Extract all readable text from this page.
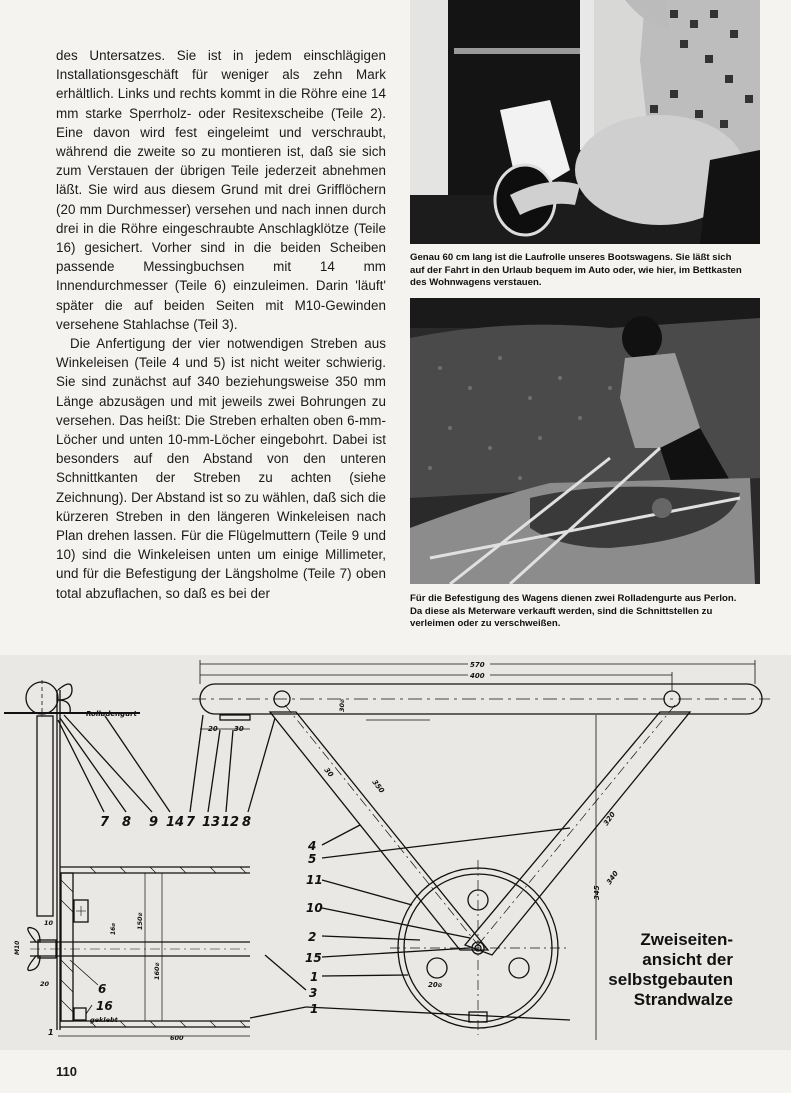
des Untersatzes. Sie ist in jedem einschlägigen Installationsgeschäft für weniger als zehn Mark erhältlich. Links und rechts kommt in die Röhre eine 14 mm starke Sperrholz- oder Resitexscheibe (Teile 2). Eine davon wird fest eingeleimt und verschraubt, während die zweite so zu montieren ist, daß sie sich zum Verstauen der übrigen Teile jederzeit abnehmen läßt. Sie wird aus diesem Grund mit drei Grifflöchern (20 mm Durchmesser) versehen und nach innen durch drei in die Röhre eingeschraubte Anschlagklötze (Teile 16) gesichert. Vorher sind in die beiden Scheiben passende Messingbuchsen mit 14 mm Innendurchmesser (Teile 6) einzuleimen. Darin 'läuft' später die auf beiden Seiten mit M10-Gewinden versehene Stahlachse (Teil 3).

Die Anfertigung der vier notwendigen Streben aus Winkeleisen (Teile 4 und 5) ist nicht weiter schwierig. Sie sind zunächst auf 340 beziehungsweise 350 mm Länge abzusägen und mit jeweils zwei Bohrungen zu versehen. Das heißt: Die Streben erhalten oben 6-mm-Löcher und unten 10-mm-Löcher eingebohrt. Dabei ist besonders auf den Abstand von den unteren Schnittkanten der Streben zu achten (siehe Zeichnung). Der Abstand ist so zu wählen, daß sich die kürzeren Streben in den längeren Winkeleisen nach Plan drehen lassen. Für die Flügelmuttern (Teile 9 und 10) sind die Winkeleisen unten um einige Millimeter, und für die Befestigung der Längsholme (Teile 7) oben total abzuflachen, so daß es bei der

Genau 60 cm lang ist die Laufrolle unseres Bootswagens. Sie läßt sich auf der Fahrt in den Urlaub bequem im Auto oder, wie hier, im Bettkasten des Wohnwagens verstauen.
Für die Befestigung des Wagens dienen zwei Rolladengurte aus Perlon. Da diese als Meterware verkauft werden, sind die Schnittstellen zu verleimen oder zu verschweißen.
Rolladengurt
570
400
20 30
30⌀
30
350
320
340
345
20⌀
150⌀
160⌀
16⌀
M10
10
20
600
geklebt
7 8 9 14 7 13 12 8
4
5
11
10
2
15
1
3
1
6
16
1
Zweiseiten-
ansicht der
selbstgebauten
Strandwalze
110
